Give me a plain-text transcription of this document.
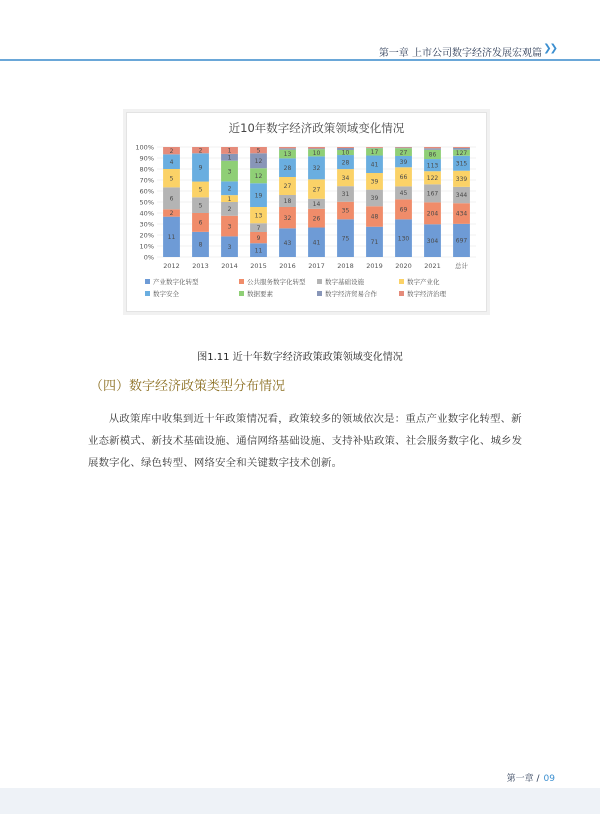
第一章 上市公司数字经济发展宏观篇 ❯❯
近10年数字经济政策领域变化情况
11
2
6
5
4
2
8
6
5
5
9
2
3
3
2
1
2
3
1
1
11
9
7
13
19
12
12
5
43
32
18
27
28
13
41
26
14
27
32
10
75
35
31
34
28
10
71
48
39
39
41
17
130
69
45
66
39
27
304
204
167
122
113
86
697
434
344
339
315
127
0%
10%
20%
30%
40%
50%
60%
70%
80%
90%
100%
2012 2013 2014 2015 2016 2017 2018 2019 2020 2021 总计
产业数字化转型	公共服务数字化转型	数字基础设施	数字产业化
数字安全	数据要素	数字经济贸易合作	数字经济治理
图1.11 近十年数字经济政策政策领域变化情况
（四）数字经济政策类型分布情况
从政策库中收集到近十年政策情况看，政策较多的领域依次是：重点产业数字化转型、新业态新模式、新技术基础设施、通信网络基础设施、支持补贴政策、社会服务数字化、城乡发展数字化、绿色转型、网络安全和关键数字技术创新。
第一章 / 09
